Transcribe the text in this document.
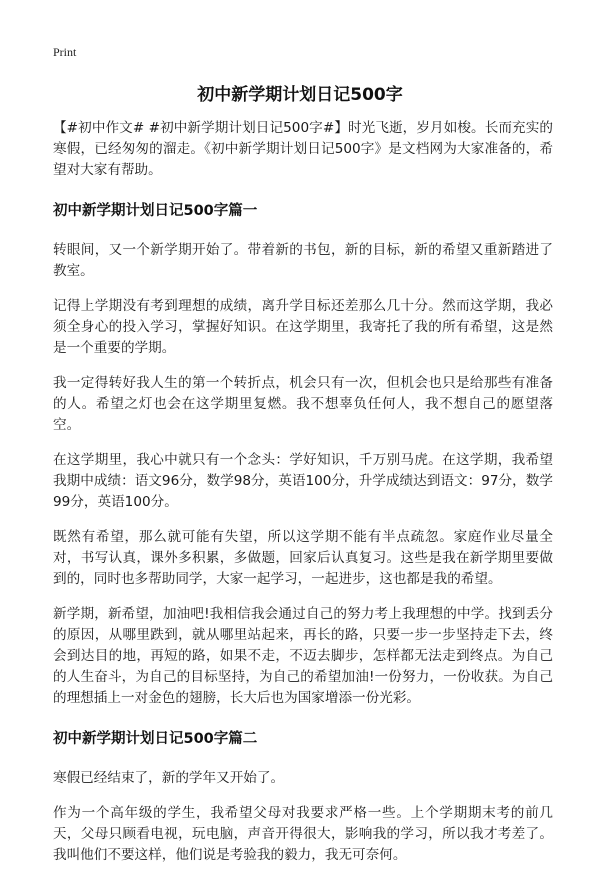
Print
初中新学期计划日记500字

【#初中作文# #初中新学期计划日记500字#】时光飞逝，岁月如梭。长而充实的寒假，已经匆匆的溜走。《初中新学期计划日记500字》是文档网为大家准备的，希望对大家有帮助。

初中新学期计划日记500字篇一

转眼间，又一个新学期开始了。带着新的书包，新的目标，新的希望又重新踏进了教室。

记得上学期没有考到理想的成绩，离升学目标还差那么几十分。然而这学期，我必须全身心的投入学习，掌握好知识。在这学期里，我寄托了我的所有希望，这是然是一个重要的学期。

我一定得转好我人生的第一个转折点，机会只有一次，但机会也只是给那些有准备的人。希望之灯也会在这学期里复燃。我不想辜负任何人，我不想自己的愿望落空。

在这学期里，我心中就只有一个念头：学好知识，千万别马虎。在这学期，我希望我期中成绩：语文96分，数学98分，英语100分，升学成绩达到语文：97分，数学99分，英语100分。

既然有希望，那么就可能有失望，所以这学期不能有半点疏忽。家庭作业尽量全对，书写认真，课外多积累，多做题，回家后认真复习。这些是我在新学期里要做到的，同时也多帮助同学，大家一起学习，一起进步，这也都是我的希望。

新学期，新希望，加油吧!我相信我会通过自己的努力考上我理想的中学。找到丢分的原因，从哪里跌到，就从哪里站起来，再长的路，只要一步一步坚持走下去，终会到达目的地，再短的路，如果不走，不迈去脚步，怎样都无法走到终点。为自己的人生奋斗，为自己的目标坚持，为自己的希望加油!一份努力，一份收获。为自己的理想插上一对金色的翅膀，长大后也为国家增添一份光彩。

初中新学期计划日记500字篇二

寒假已经结束了，新的学年又开始了。

作为一个高年级的学生，我希望父母对我要求严格一些。上个学期期末考的前几天，父母只顾看电视，玩电脑，声音开得很大，影响我的学习，所以我才考差了。我叫他们不要这样，他们说是考验我的毅力，我无可奈何。
